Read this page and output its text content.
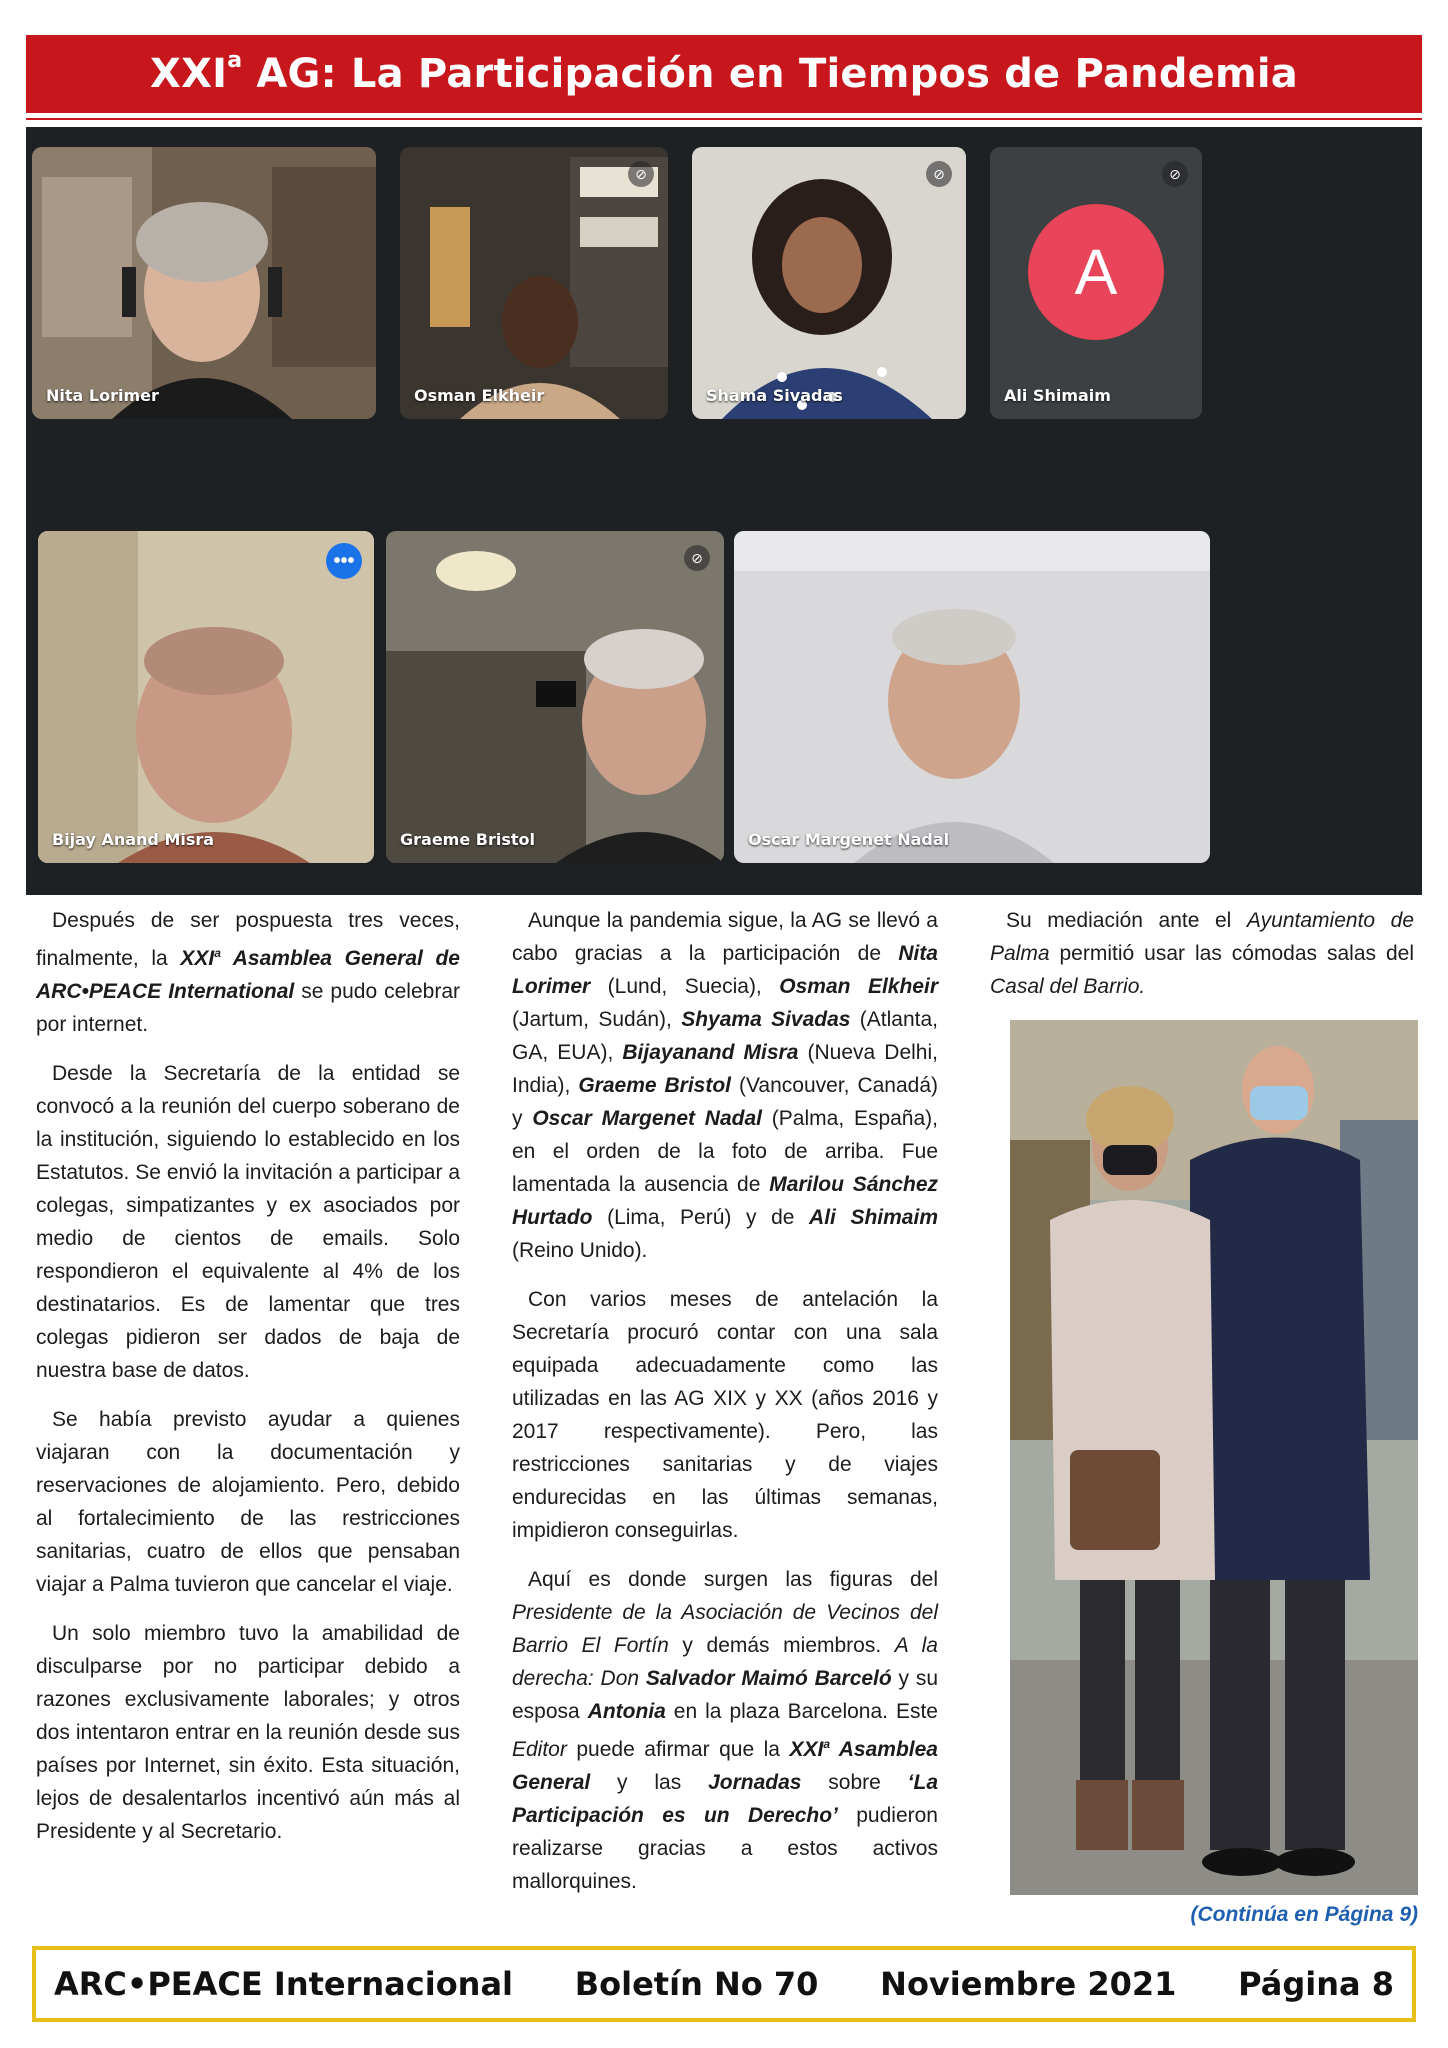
XXI$^a$ AG: La Participación en Tiempos de Pandemia
Nita Lorimer
⊘
Osman Elkheir
⊘
Shama Sivadas
A
⊘
Ali Shimaim
•••
Bijay Anand Misra
⊘
Graeme Bristol	Oscar Margenet Nadal

Después de ser pospuesta tres veces, finalmente, la XXI$^a$ Asamblea General de ARC•PEACE International se pudo celebrar por internet.

Desde la Secretaría de la entidad se convocó a la reunión del cuerpo soberano de la institución, siguiendo lo establecido en los Estatutos. Se envió la invitación a participar a colegas, simpatizantes y ex asociados por medio de cientos de emails. Solo respondieron el equivalente al 4% de los destinatarios. Es de lamentar que tres colegas pidieron ser dados de baja de nuestra base de datos.

Se había previsto ayudar a quienes viajaran con la documentación y reservaciones de alojamiento. Pero, debido al fortalecimiento de las restricciones sanitarias, cuatro de ellos que pensaban viajar a Palma tuvieron que cancelar el viaje.

Un solo miembro tuvo la amabilidad de disculparse por no participar debido a razones exclusivamente laborales; y otros dos intentaron entrar en la reunión desde sus países por Internet, sin éxito. Esta situación, lejos de desalentarlos incentivó aún más al Presidente y al Secretario.

Aunque la pandemia sigue, la AG se llevó a cabo gracias a la participación de Nita Lorimer (Lund, Suecia), Osman Elkheir (Jartum, Sudán), Shyama Sivadas (Atlanta, GA, EUA), Bijayanand Misra (Nueva Delhi, India), Graeme Bristol (Vancouver, Canadá) y Oscar Margenet Nadal (Palma, España), en el orden de la foto de arriba. Fue lamentada la ausencia de Marilou Sánchez Hurtado (Lima, Perú) y de Ali Shimaim (Reino Unido).

Con varios meses de antelación la Secretaría procuró contar con una sala equipada adecuadamente como las utilizadas en las AG XIX y XX (años 2016 y 2017 respectivamente). Pero, las restricciones sanitarias y de viajes endurecidas en las últimas semanas, impidieron conseguirlas.

Aquí es donde surgen las figuras del Presidente de la Asociación de Vecinos del Barrio El Fortín y demás miembros. A la derecha: Don Salvador Maimó Barceló y su esposa Antonia en la plaza Barcelona. Este Editor puede afirmar que la XXI$^a$ Asamblea General y las Jornadas sobre ‘La Participación es un Derecho’ pudieron realizarse gracias a estos activos mallorquines.

Su mediación ante el Ayuntamiento de Palma permitió usar las cómodas salas del Casal del Barrio.

(Continúa en Página 9)
ARC•PEACE Internacional Boletín No 70 Noviembre 2021 Página 8
